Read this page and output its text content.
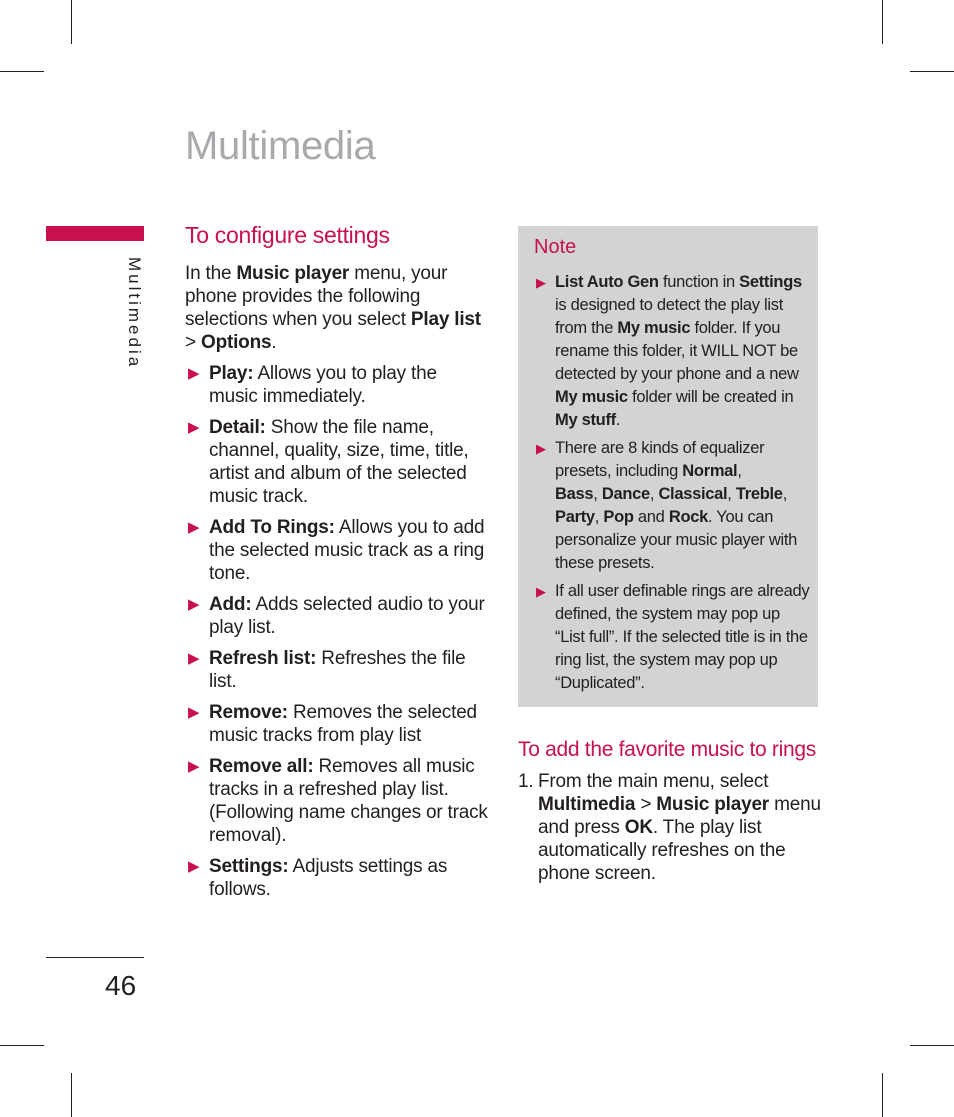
Multimedia
Multimedia
46
To configure settings

In the Music player menu, your phone provides the following selections when you select Play list > Options.

▶ Play: Allows you to play the music immediately.
▶ Detail: Show the file name, channel, quality, size, time, title, artist and album of the selected music track.
▶ Add To Rings: Allows you to add the selected music track as a ring tone.
▶ Add: Adds selected audio to your play list.
▶ Refresh list: Refreshes the file list.
▶ Remove: Removes the selected music tracks from play list
▶ Remove all: Removes all music tracks in a refreshed play list. (Following name changes or track removal).
▶ Settings: Adjusts settings as follows.
Note
▶ List Auto Gen function in Settings is designed to detect the play list from the My music folder. If you rename this folder, it WILL NOT be detected by your phone and a new My music folder will be created in My stuff.
▶ There are 8 kinds of equalizer presets, including Normal,
Bass, Dance, Classical, Treble, Party, Pop and Rock. You can personalize your music player with these presets.
▶ If all user definable rings are already defined, the system may pop up “List full”. If the selected title is in the ring list, the system may pop up “Duplicated”.
To add the favorite music to rings

1. From the main menu, select Multimedia > Music player menu and press OK. The play list automatically refreshes on the phone screen.
